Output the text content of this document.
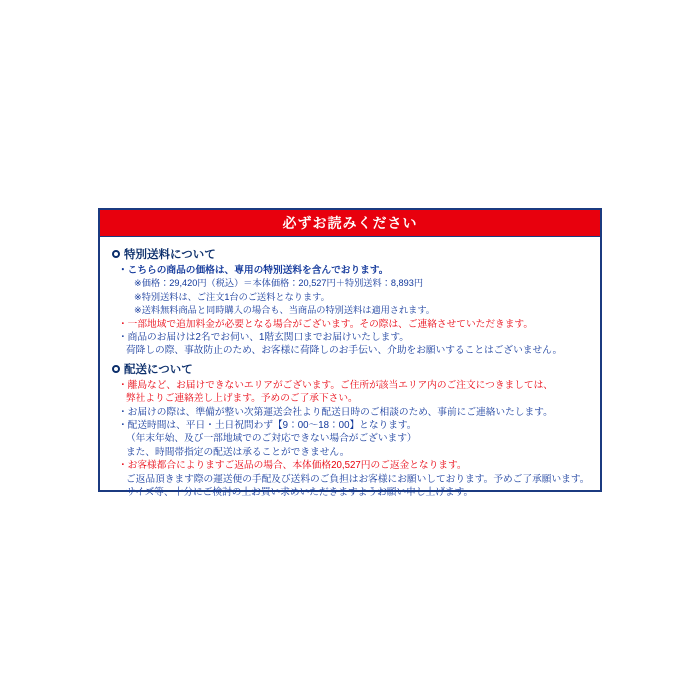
必ずお読みください
特別送料について
・こちらの商品の価格は、専用の特別送料を含んでおります。
※価格：29,420円（税込）＝本体価格：20,527円＋特別送料：8,893円
※特別送料は、ご注文1台のご送料となります。
※送料無料商品と同時購入の場合も、当商品の特別送料は適用されます。
・一部地域で追加料金が必要となる場合がございます。その際は、ご連絡させていただきます。
・商品のお届けは2名でお伺い、1階玄関口までお届けいたします。
荷降しの際、事故防止のため、お客様に荷降しのお手伝い、介助をお願いすることはございません。
配送について
・離島など、お届けできないエリアがございます。ご住所が該当エリア内のご注文につきましては、
弊社よりご連絡差し上げます。予めのご了承下さい。
・お届けの際は、準備が整い次第運送会社より配送日時のご相談のため、事前にご連絡いたします。
・配送時間は、平日・土日祝問わず【9：00～18：00】となります。
（年末年始、及び一部地域でのご対応できない場合がございます）
また、時間帯指定の配送は承ることができません。
・お客様都合によりますご返品の場合、本体価格20,527円のご返金となります。
ご返品頂きます際の運送便の手配及び送料のご負担はお客様にお願いしております。予めご了承願います。
サイズ等、十分にご検討の上お買い求めいただきますようお願い申し上げます。
